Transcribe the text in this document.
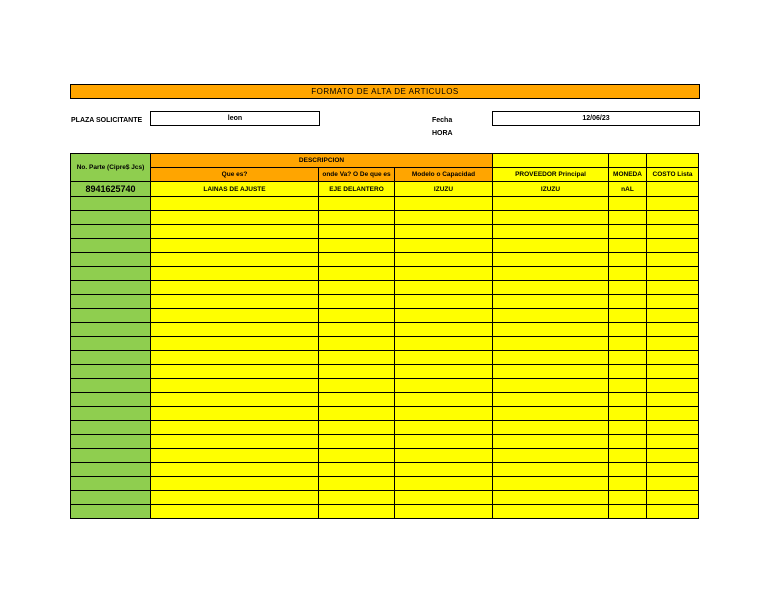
FORMATO DE ALTA DE ARTICULOS
PLAZA SOLICITANTE	leon	Fecha	12/06/23
HORA
No. Parte (Cipre$ Jcs)	DESCRIPCION					
	Que es?	onde Va? O De que es	Modelo o Capacidad	PROVEEDOR Principal	MONEDA	COSTO Lista
8941625740	LAINAS DE AJUSTE	EJE DELANTERO	IZUZU	IZUZU	nAL	
